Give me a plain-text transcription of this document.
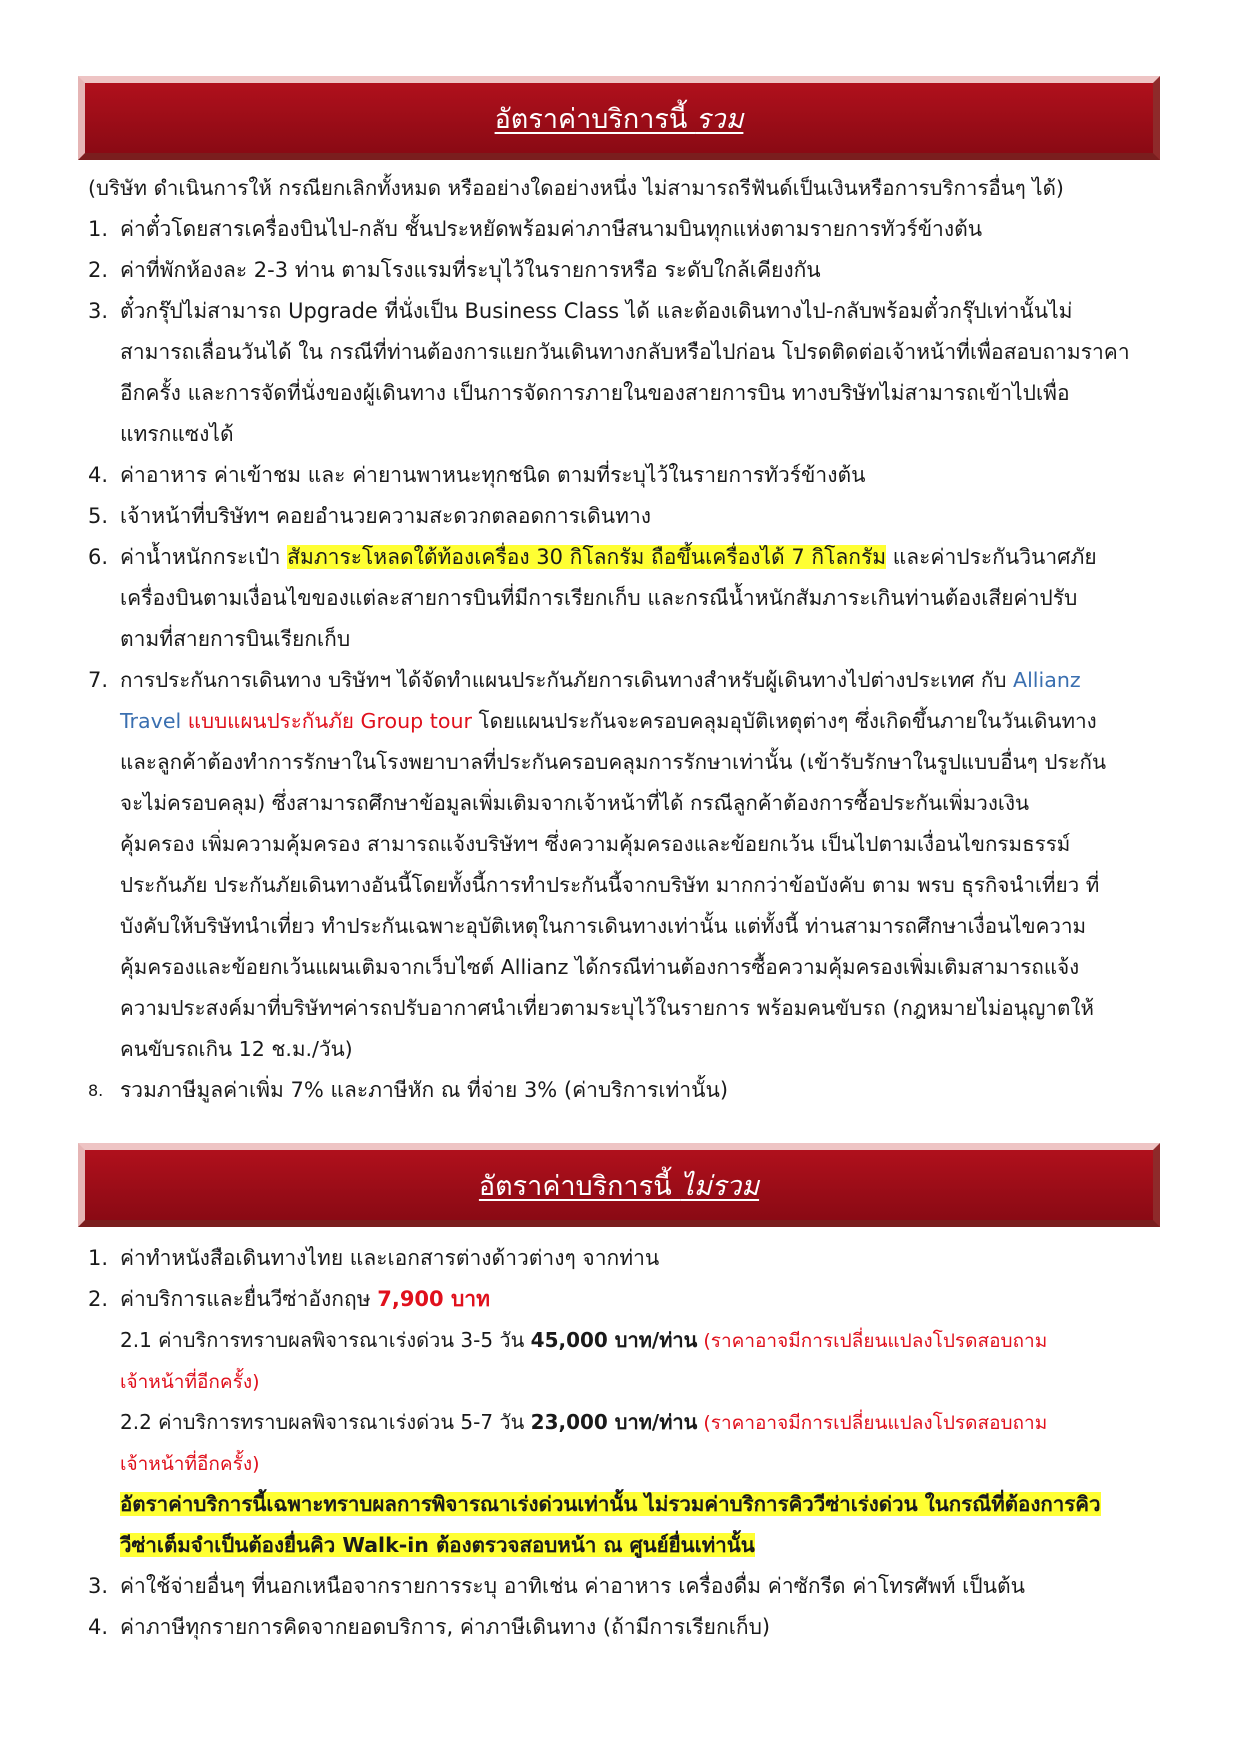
อัตราค่าบริการนี้ รวม
(บริษัท ดำเนินการให้ กรณียกเลิกทั้งหมด หรืออย่างใดอย่างหนึ่ง ไม่สามารถรีฟันด์เป็นเงินหรือการบริการอื่นๆ ได้)
1. ค่าตั๋วโดยสารเครื่องบินไป-กลับ ชั้นประหยัดพร้อมค่าภาษีสนามบินทุกแห่งตามรายการทัวร์ข้างต้น
2. ค่าที่พักห้องละ 2-3 ท่าน ตามโรงแรมที่ระบุไว้ในรายการหรือ ระดับใกล้เคียงกัน
3. ตั๋วกรุ๊ปไม่สามารถ Upgrade ที่นั่งเป็น Business Class ได้ และต้องเดินทางไป-กลับพร้อมตั๋วกรุ๊ปเท่านั้นไม่
สามารถเลื่อนวันได้ ใน กรณีที่ท่านต้องการแยกวันเดินทางกลับหรือไปก่อน โปรดติดต่อเจ้าหน้าที่เพื่อสอบถามราคา
อีกครั้ง และการจัดที่นั่งของผู้เดินทาง เป็นการจัดการภายในของสายการบิน ทางบริษัทไม่สามารถเข้าไปเพื่อ
แทรกแซงได้
4. ค่าอาหาร ค่าเข้าชม และ ค่ายานพาหนะทุกชนิด ตามที่ระบุไว้ในรายการทัวร์ข้างต้น
5. เจ้าหน้าที่บริษัทฯ คอยอำนวยความสะดวกตลอดการเดินทาง
6. ค่าน้ำหนักกระเป๋า สัมภาระโหลดใต้ท้องเครื่อง 30 กิโลกรัม ถือขึ้นเครื่องได้ 7 กิโลกรัม และค่าประกันวินาศภัย
เครื่องบินตามเงื่อนไขของแต่ละสายการบินที่มีการเรียกเก็บ และกรณีน้ำหนักสัมภาระเกินท่านต้องเสียค่าปรับ
ตามที่สายการบินเรียกเก็บ
7. การประกันการเดินทาง บริษัทฯ ได้จัดทำแผนประกันภัยการเดินทางสำหรับผู้เดินทางไปต่างประเทศ กับ Allianz
Travel แบบแผนประกันภัย Group tour โดยแผนประกันจะครอบคลุมอุบัติเหตุต่างๆ ซึ่งเกิดขึ้นภายในวันเดินทาง
และลูกค้าต้องทำการรักษาในโรงพยาบาลที่ประกันครอบคลุมการรักษาเท่านั้น (เข้ารับรักษาในรูปแบบอื่นๆ ประกัน
จะไม่ครอบคลุม) ซึ่งสามารถศึกษาข้อมูลเพิ่มเติมจากเจ้าหน้าที่ได้ กรณีลูกค้าต้องการซื้อประกันเพิ่มวงเงิน
คุ้มครอง เพิ่มความคุ้มครอง สามารถแจ้งบริษัทฯ ซึ่งความคุ้มครองและข้อยกเว้น เป็นไปตามเงื่อนไขกรมธรรม์
ประกันภัย ประกันภัยเดินทางอันนี้โดยทั้งนี้การทำประกันนี้จากบริษัท มากกว่าข้อบังคับ ตาม พรบ ธุรกิจนำเที่ยว ที่
บังคับให้บริษัทนำเที่ยว ทำประกันเฉพาะอุบัติเหตุในการเดินทางเท่านั้น แต่ทั้งนี้ ท่านสามารถศึกษาเงื่อนไขความ
คุ้มครองและข้อยกเว้นแผนเติมจากเว็บไซต์ Allianz ได้กรณีท่านต้องการซื้อความคุ้มครองเพิ่มเติมสามารถแจ้ง
ความประสงค์มาที่บริษัทฯค่ารถปรับอากาศนำเที่ยวตามระบุไว้ในรายการ พร้อมคนขับรถ (กฎหมายไม่อนุญาตให้
คนขับรถเกิน 12 ช.ม./วัน)
8. รวมภาษีมูลค่าเพิ่ม 7% และภาษีหัก ณ ที่จ่าย 3% (ค่าบริการเท่านั้น)
อัตราค่าบริการนี้ ไม่รวม
1. ค่าทำหนังสือเดินทางไทย และเอกสารต่างด้าวต่างๆ จากท่าน
2. ค่าบริการและยื่นวีซ่าอังกฤษ 7,900 บาท
2.1 ค่าบริการทราบผลพิจารณาเร่งด่วน 3-5 วัน 45,000 บาท/ท่าน (ราคาอาจมีการเปลี่ยนแปลงโปรดสอบถาม
เจ้าหน้าที่อีกครั้ง)
2.2 ค่าบริการทราบผลพิจารณาเร่งด่วน 5-7 วัน 23,000 บาท/ท่าน (ราคาอาจมีการเปลี่ยนแปลงโปรดสอบถาม
เจ้าหน้าที่อีกครั้ง)
อัตราค่าบริการนี้เฉพาะทราบผลการพิจารณาเร่งด่วนเท่านั้น ไม่รวมค่าบริการคิววีซ่าเร่งด่วน ในกรณีที่ต้องการคิว
วีซ่าเต็มจำเป็นต้องยื่นคิว Walk-in ต้องตรวจสอบหน้า ณ ศูนย์ยื่นเท่านั้น
3. ค่าใช้จ่ายอื่นๆ ที่นอกเหนือจากรายการระบุ อาทิเช่น ค่าอาหาร เครื่องดื่ม ค่าซักรีด ค่าโทรศัพท์ เป็นต้น
4. ค่าภาษีทุกรายการคิดจากยอดบริการ, ค่าภาษีเดินทาง (ถ้ามีการเรียกเก็บ)
